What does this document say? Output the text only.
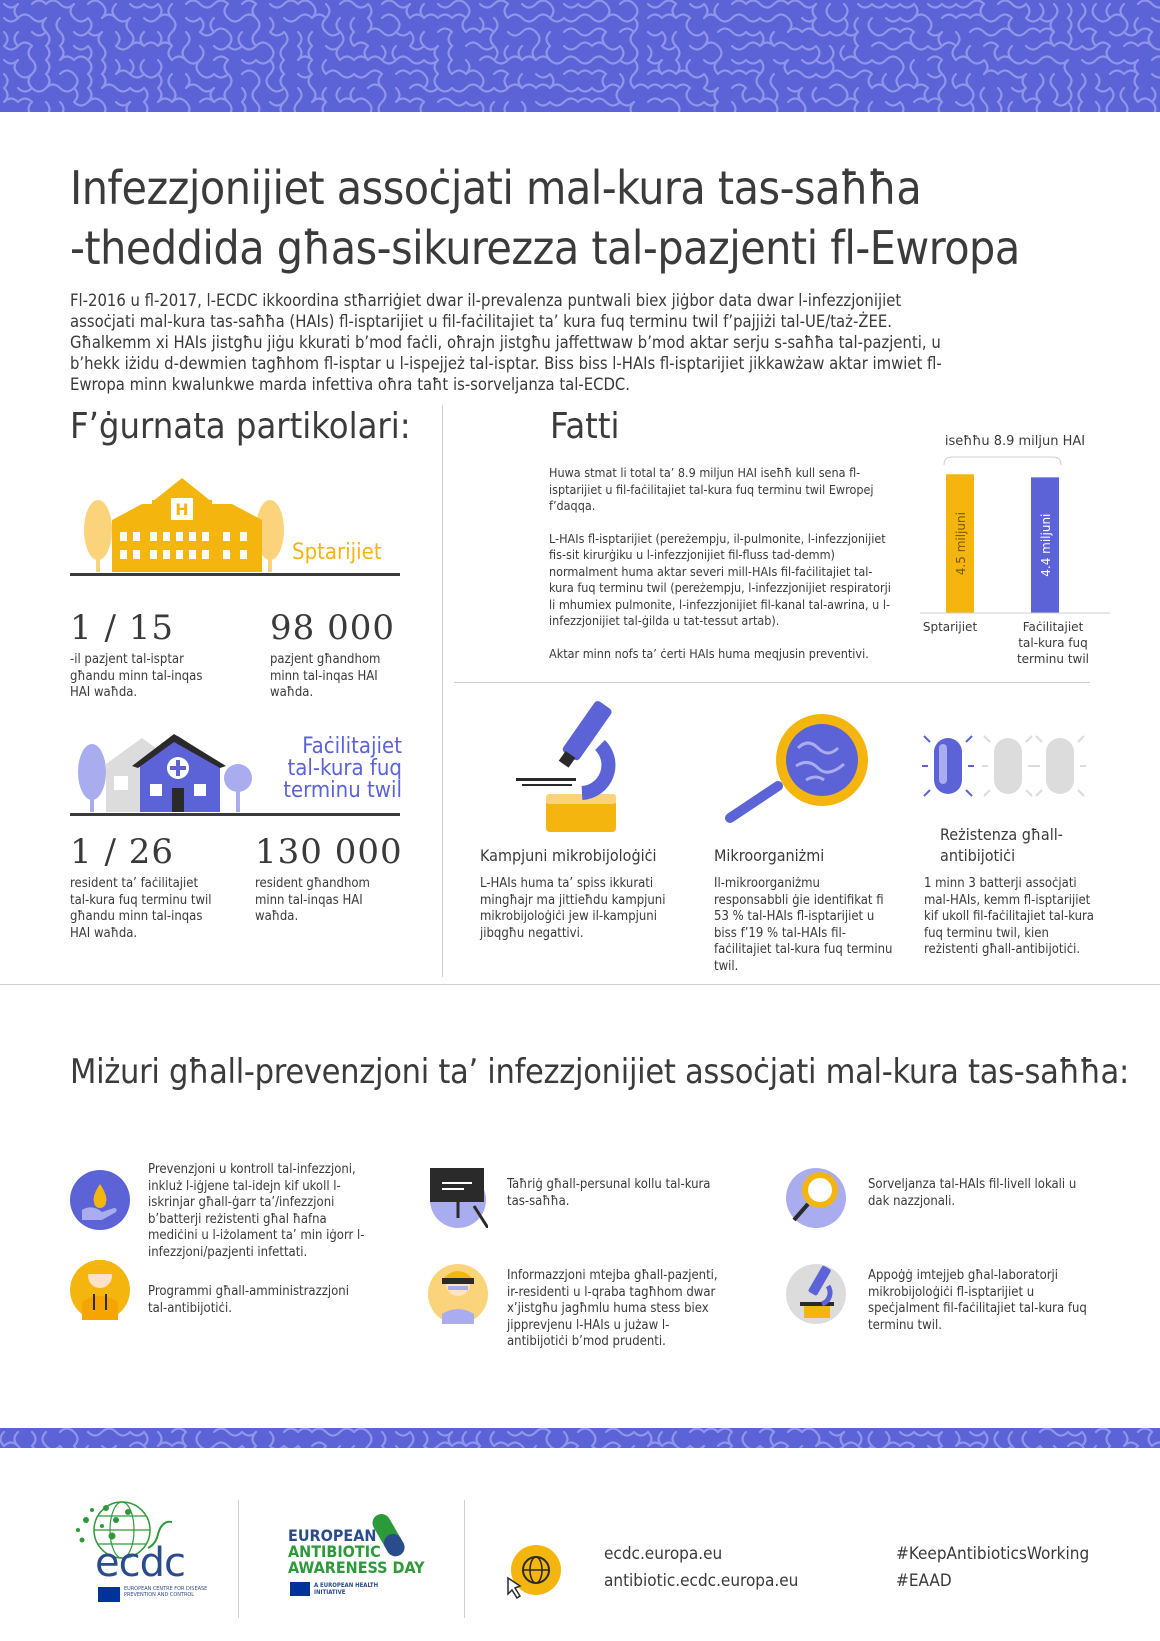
Infezzjonijiet assoċjati mal-kura tas-saħħa
-theddida għas-sikurezza tal-pazjenti fl-Ewropa
Fl-2016 u fl-2017, l-ECDC ikkoordina stħarriġiet dwar il-prevalenza puntwali biex jiġbor data dwar l-infezzjonijiet assoċjati mal-kura tas-saħħa (HAIs) fl-isptarijiet u fil-faċilitajiet ta’ kura fuq terminu twil f’pajjiżi tal-UE/taż-ŻEE. Għalkemm xi HAIs jistgħu jiġu kkurati b’mod faċli, oħrajn jistgħu jaffettwaw b’mod aktar serju s-saħħa tal-pazjenti, u b’hekk iżidu d-dewmien tagħhom fl-isptar u l-ispejjeż tal-isptar. Biss biss l-HAIs fl-isptarijiet jikkawżaw aktar imwiet fl-Ewropa minn kwalunkwe marda infettiva oħra taħt is-sorveljanza tal-ECDC.
F’ġurnata partikolari:
H
Sptarijiet
1 / 15
-il pazjent tal-isptar għandu minn tal-inqas HAI waħda.
98 000
pazjent għandhom minn tal-inqas HAI waħda.
Faċilitajiet
tal-kura fuq
terminu twil
1 / 26
resident ta’ faċilitajiet tal-kura fuq terminu twil għandu minn tal-inqas HAI waħda.
130 000
resident għandhom minn tal-inqas HAI waħda.
Fatti

Huwa stmat li total ta’ 8.9 miljun HAI iseħħ kull sena fl-isptarijiet u fil-faċilitajiet tal-kura fuq terminu twil Ewropej f’daqqa.

L-HAIs fl-isptarijiet (pereżempju, il-pulmonite, l-infezzjonijiet fis-sit kirurġiku u l-infezzjonijiet fil-fluss tad-demm) normalment huma aktar severi mill-HAIs fil-faċilitajiet tal-kura fuq terminu twil (pereżempju, l-infezzjonijiet respiratorji li mhumiex pulmonite, l-infezzjonijiet fil-kanal tal-awrina, u l-infezzjonijiet tal-ġilda u tat-tessut artab).

Aktar minn nofs ta’ ċerti HAIs huma meqjusin preventivi.

iseħħu 8.9 miljun HAI
4.5 miljuni	4.4 miljuni
Sptarijiet	Faċilitajiet
tal-kura fuq
terminu twil
Kampjuni mikrobijoloġiċi
L-HAIs huma ta’ spiss ikkurati mingħajr ma jittieħdu kampjuni mikrobijoloġiċi jew il-kampjuni jibqgħu negattivi.
Mikroorganiżmi
Il-mikroorganiżmu responsabbli ġie identifikat fi 53 % tal-HAIs fl-isptarijiet u biss f’19 % tal-HAIs fil-faċilitajiet tal-kura fuq terminu twil.
Reżistenza għall-
antibijotiċi
1 minn 3 batterji assoċjati mal-HAIs, kemm fl-isptarijiet kif ukoll fil-faċilitajiet tal-kura fuq terminu twil, kien reżistenti għall-antibijotiċi.
Miżuri għall-prevenzjoni ta’ infezzjonijiet assoċjati mal-kura tas-saħħa:
Prevenzjoni u kontroll tal-infezzjoni, inkluż l-iġjene tal-idejn kif ukoll l-iskrinjar għall-ġarr ta’/infezzjoni b’batterji reżistenti għal ħafna mediċini u l-iżolament ta’ min iġorr l-infezzjoni/pazjenti infettati.
Taħriġ għall-persunal kollu tal-kura tas-saħħa.
Sorveljanza tal-HAIs fil-livell lokali u dak nazzjonali.
Programmi għall-amministrazzjoni tal-antibijotiċi.
Informazzjoni mtejba għall-pazjenti, ir-residenti u l-qraba tagħhom dwar x’jistgħu jagħmlu huma stess biex jipprevjenu l-HAIs u jużaw l-antibijotiċi b’mod prudenti.
Appoġġ imtejjeb għal-laboratorji mikrobijoloġiċi fl-isptarijiet u speċjalment fil-faċilitajiet tal-kura fuq terminu twil.
ecdc
EUROPEAN CENTRE FOR DISEASE PREVENTION AND CONTROL
EUROPEAN
ANTIBIOTIC
AWARENESS DAY
A EUROPEAN HEALTH INITIATIVE
ecdc.europa.eu
antibiotic.ecdc.europa.eu
#KeepAntibioticsWorking
#EAAD
